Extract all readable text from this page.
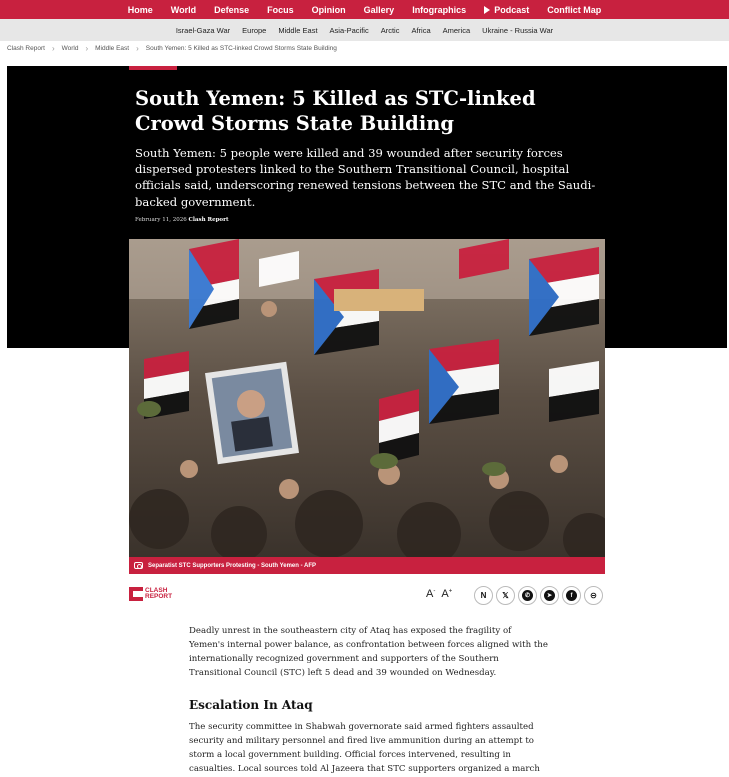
Home World Defense Focus Opinion Gallery Infographics	Podcast Conflict Map
Israel-Gaza War Europe Middle East Asia-Pacific Arctic Africa America Ukraine - Russia War
Clash Report › World › Middle East › South Yemen: 5 Killed as STC-linked Crowd Storms State Building
South Yemen: 5 Killed as STC-linked Crowd Storms State Building

South Yemen: 5 people were killed and 39 wounded after security forces dispersed protesters linked to the Southern Transitional Council, hospital officials said, underscoring renewed tensions between the STC and the Saudi-backed government.

February 11, 2026 Clash Report
Separatist STC Supporters Protesting - South Yemen - AFP
CLASH
REPORT	A- A+	N 𝕏	✆	➤	f	⊝

Deadly unrest in the southeastern city of Ataq has exposed the fragility of Yemen's internal power balance, as confrontation between forces aligned with the internationally recognized government and supporters of the Southern Transitional Council (STC) left 5 dead and 39 wounded on Wednesday.

Escalation In Ataq

The security committee in Shabwah governorate said armed fighters assaulted security and military personnel and fired live ammunition during an attempt to storm a local government building. Official forces intervened, resulting in casualties. Local sources told Al Jazeera that STC supporters organized a march
